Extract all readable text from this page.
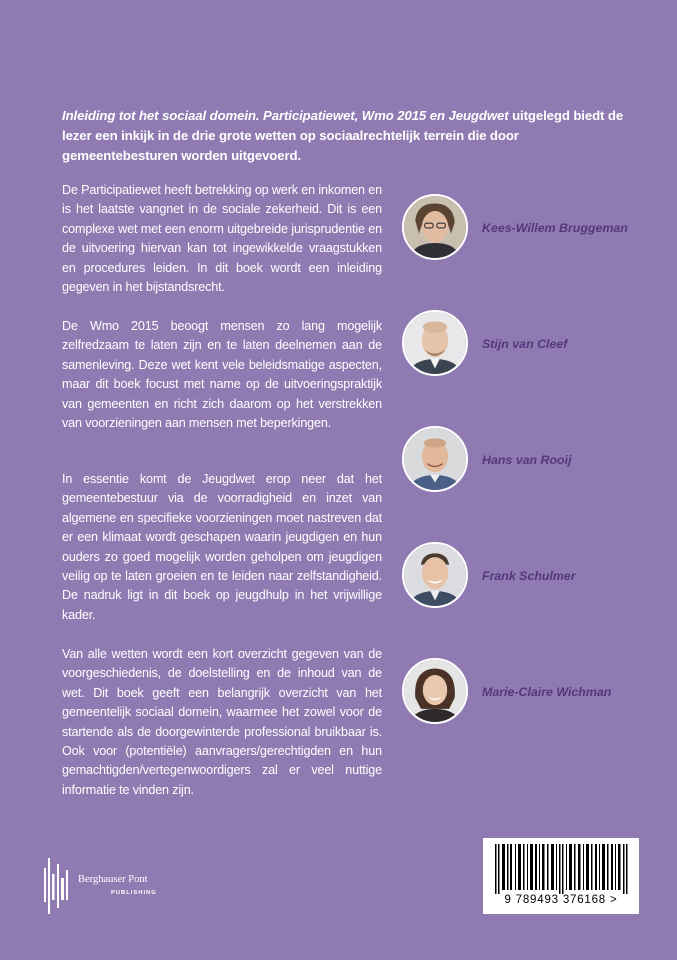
Inleiding tot het sociaal domein. Participatiewet, Wmo 2015 en Jeugdwet uitgelegd biedt de lezer een inkijk in de drie grote wetten op sociaalrechtelijk terrein die door gemeentebesturen worden uitgevoerd.

De Participatiewet heeft betrekking op werk en inkomen en is het laatste vangnet in de sociale zekerheid. Dit is een complexe wet met een enorm uitgebreide jurisprudentie en de uitvoering hiervan kan tot ingewikkelde vraagstukken en procedures leiden. In dit boek wordt een inleiding gegeven in het bijstandsrecht.

De Wmo 2015 beoogt mensen zo lang mogelijk zelfredzaam te laten zijn en te laten deelnemen aan de samenleving. Deze wet kent vele beleidsmatige aspecten, maar dit boek focust met name op de uitvoeringspraktijk van gemeenten en richt zich daarom op het verstrekken van voorzieningen aan mensen met beperkingen.

In essentie komt de Jeugdwet erop neer dat het gemeentebestuur via de voorradigheid en inzet van algemene en specifieke voorzieningen moet nastreven dat er een klimaat wordt geschapen waarin jeugdigen en hun ouders zo goed mogelijk worden geholpen om jeugdigen veilig op te laten groeien en te leiden naar zelfstandigheid. De nadruk ligt in dit boek op jeugdhulp in het vrijwillige kader.

Van alle wetten wordt een kort overzicht gegeven van de voorgeschiedenis, de doelstelling en de inhoud van de wet. Dit boek geeft een belangrijk overzicht van het gemeentelijk sociaal domein, waarmee het zowel voor de startende als de doorgewinterde professional bruikbaar is. Ook voor (potentiële) aanvragers/gerechtigden en hun gemachtigden/vertegenwoordigers zal er veel nuttige informatie te vinden zijn.

Kees-Willem Bruggeman
Stijn van Cleef
Hans van Rooij
Frank Schulmer
Marie-Claire Wichman
Berghauser Pont
PUBLISHING
9 789493 376168 >
